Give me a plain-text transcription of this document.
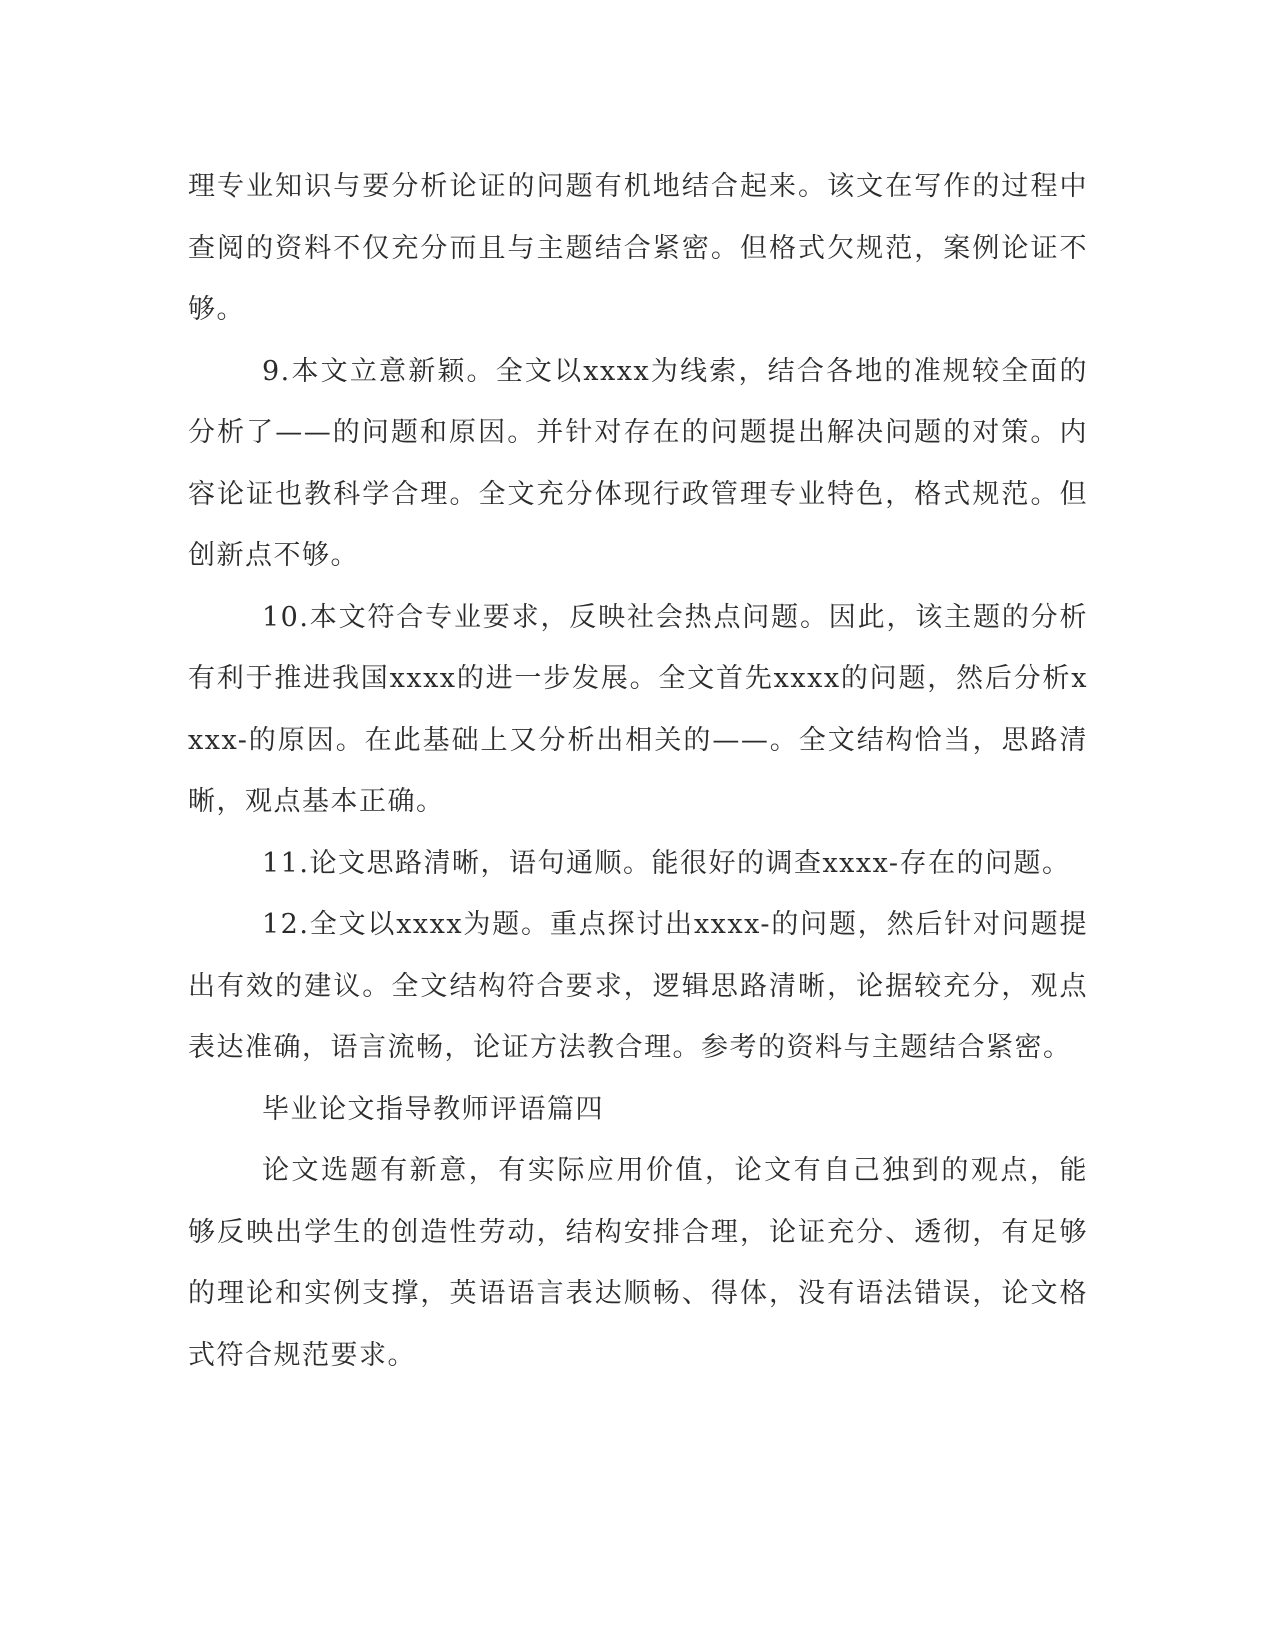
理专业知识与要分析论证的问题有机地结合起来。该文在写作的过程中查阅的资料不仅充分而且与主题结合紧密。但格式欠规范，案例论证不够。

9.本文立意新颖。全文以xxxx为线索，结合各地的准规较全面的分析了——的问题和原因。并针对存在的问题提出解决问题的对策。内容论证也教科学合理。全文充分体现行政管理专业特色，格式规范。但创新点不够。

10.本文符合专业要求，反映社会热点问题。因此，该主题的分析有利于推进我国xxxx的进一步发展。全文首先xxxx的问题，然后分析xxxx-的原因。在此基础上又分析出相关的——。全文结构恰当，思路清晰，观点基本正确。

11.论文思路清晰，语句通顺。能很好的调查xxxx-存在的问题。

12.全文以xxxx为题。重点探讨出xxxx-的问题，然后针对问题提出有效的建议。全文结构符合要求，逻辑思路清晰，论据较充分，观点表达准确，语言流畅，论证方法教合理。参考的资料与主题结合紧密。

毕业论文指导教师评语篇四

论文选题有新意，有实际应用价值，论文有自己独到的观点，能够反映出学生的创造性劳动，结构安排合理，论证充分、透彻，有足够的理论和实例支撑，英语语言表达顺畅、得体，没有语法错误，论文格式符合规范要求。
